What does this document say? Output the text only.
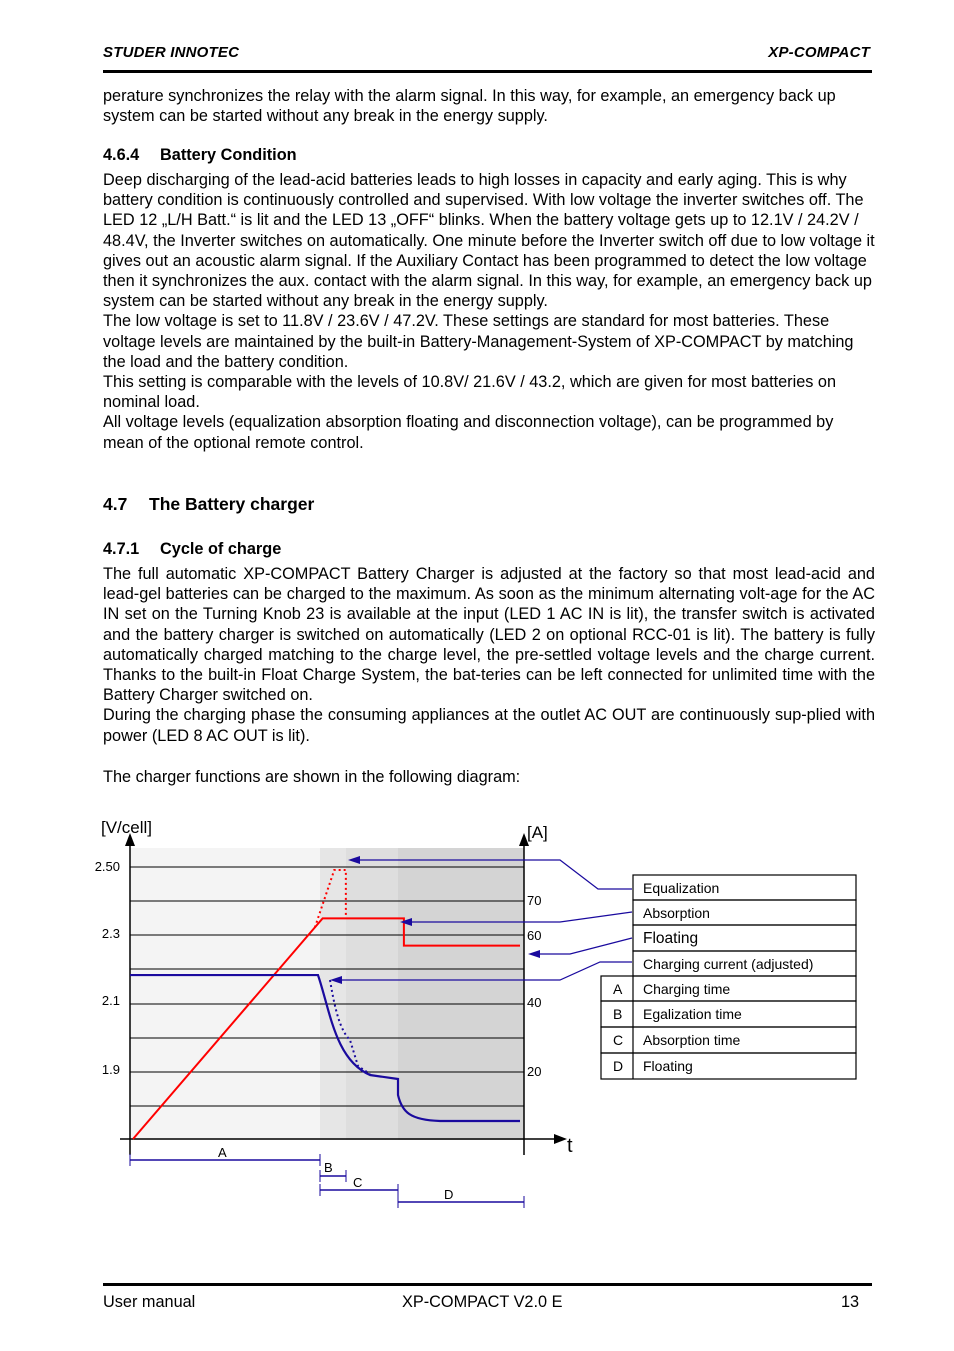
STUDER INNOTEC	XP-COMPACT
perature synchronizes the relay with the alarm signal. In this way, for example, an emergency back up system can be started without any break in the energy supply.
4.6.4 Battery Condition
Deep discharging of the lead-acid batteries leads to high losses in capacity and early aging. This is why battery condition is continuously controlled and supervised. With low voltage the inverter switches off. The LED 12 „L/H Batt.“ is lit and the LED 13 „OFF“ blinks. When the battery voltage gets up to 12.1V / 24.2V / 48.4V, the Inverter switches on automatically. One minute before the Inverter switch off due to low voltage it gives out an acoustic alarm signal. If the Auxiliary Contact has been programmed to detect the low voltage then it synchronizes the aux. contact with the alarm signal. In this way, for example, an emergency back up system can be started without any break in the energy supply.
The low voltage is set to 11.8V / 23.6V / 47.2V. These settings are standard for most batteries. These voltage levels are maintained by the built-in Battery-Management-System of XP-COMPACT by matching the load and the battery condition.
This setting is comparable with the levels of 10.8V/ 21.6V / 43.2, which are given for most batteries on nominal load.
All voltage levels (equalization absorption floating and disconnection voltage), can be programmed by mean of the optional remote control.
4.7 The Battery charger
4.7.1 Cycle of charge
The full automatic XP-COMPACT Battery Charger is adjusted at the factory so that most lead-acid and lead-gel batteries can be charged to the maximum. As soon as the minimum alternating volt-age for the AC IN set on the Turning Knob 23 is available at the input (LED 1 AC IN is lit), the transfer switch is activated and the battery charger is switched on automatically (LED 2 on optional RCC-01 is lit). The battery is fully automatically charged matching to the charge level, the pre-settled voltage levels and the charge current. Thanks to the built-in Float Charge System, the bat-teries can be left connected for unlimited time with the Battery Charger switched on.
During the charging phase the consuming appliances at the outlet AC OUT are continuously sup-plied with power (LED 8 AC OUT is lit).
The charger functions are shown in the following diagram:
[V/cell]	[A]
t
2.50
2.3
2.1
1.9
70
60
40
20
A
B
C
D
Equalization
Absorption
Floating
Charging current (adjusted)
A Charging time
B Egalization time
C Absorption time
D Floating
User manual	XP-COMPACT V2.0 E	13
